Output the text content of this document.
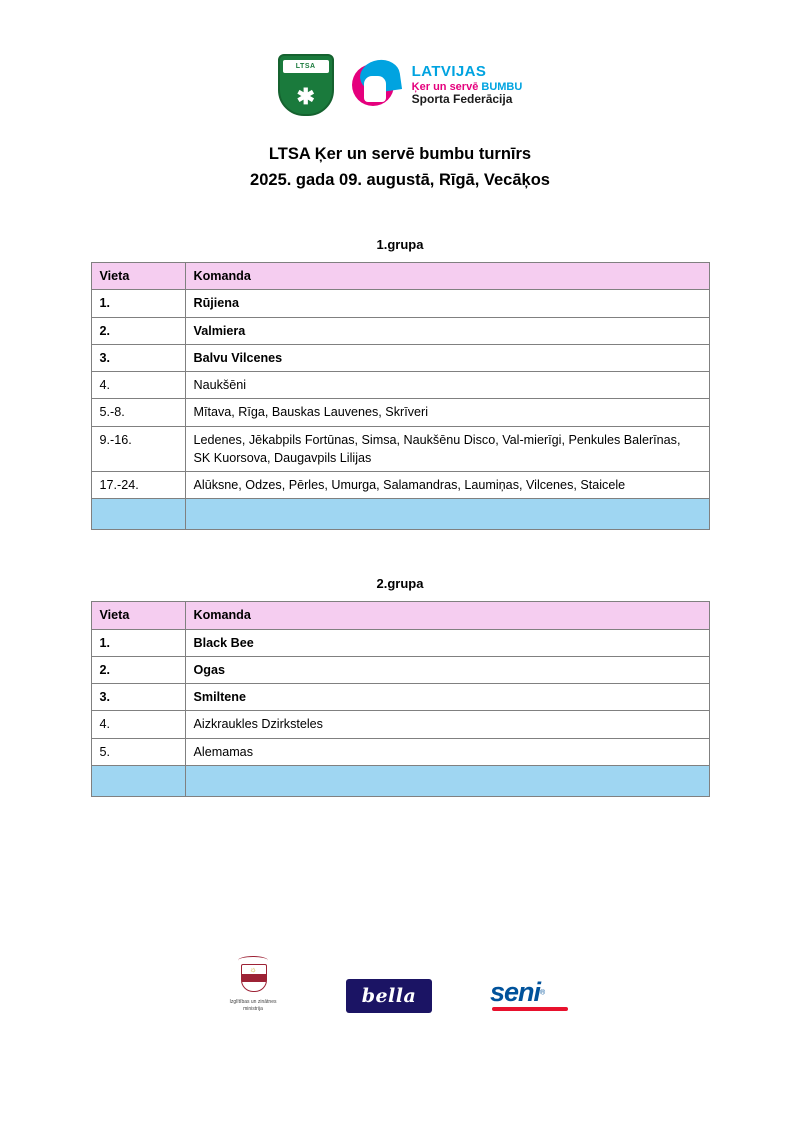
LTSA
✱
LATVIJAS
Ķer un servē BUMBU
Sporta Federācija
LTSA Ķer un servē bumbu turnīrs
2025. gada 09. augustā, Rīgā, Vecāķos
1.grupa
Vieta	Komanda
1.	Rūjiena
2.	Valmiera
3.	Balvu Vilcenes
4.	Naukšēni
5.-8.	Mītava, Rīga, Bauskas Lauvenes, Skrīveri
9.-16.	Ledenes, Jēkabpils Fortūnas, Simsa, Naukšēnu Disco, Val-mierīgi, Penkules Balerīnas, SK Kuorsova, Daugavpils Lilijas
17.-24.	Alūksne, Odzes, Pērles, Umurga, Salamandras, Laumiņas, Vilcenes, Staicele

2.grupa
Vieta	Komanda
1.	Black Bee
2.	Ogas
3.	Smiltene
4.	Aizkraukles Dzirksteles
5.	Alemamas

☼
Izglītības un zinātnes
ministrija
bella	seni®
